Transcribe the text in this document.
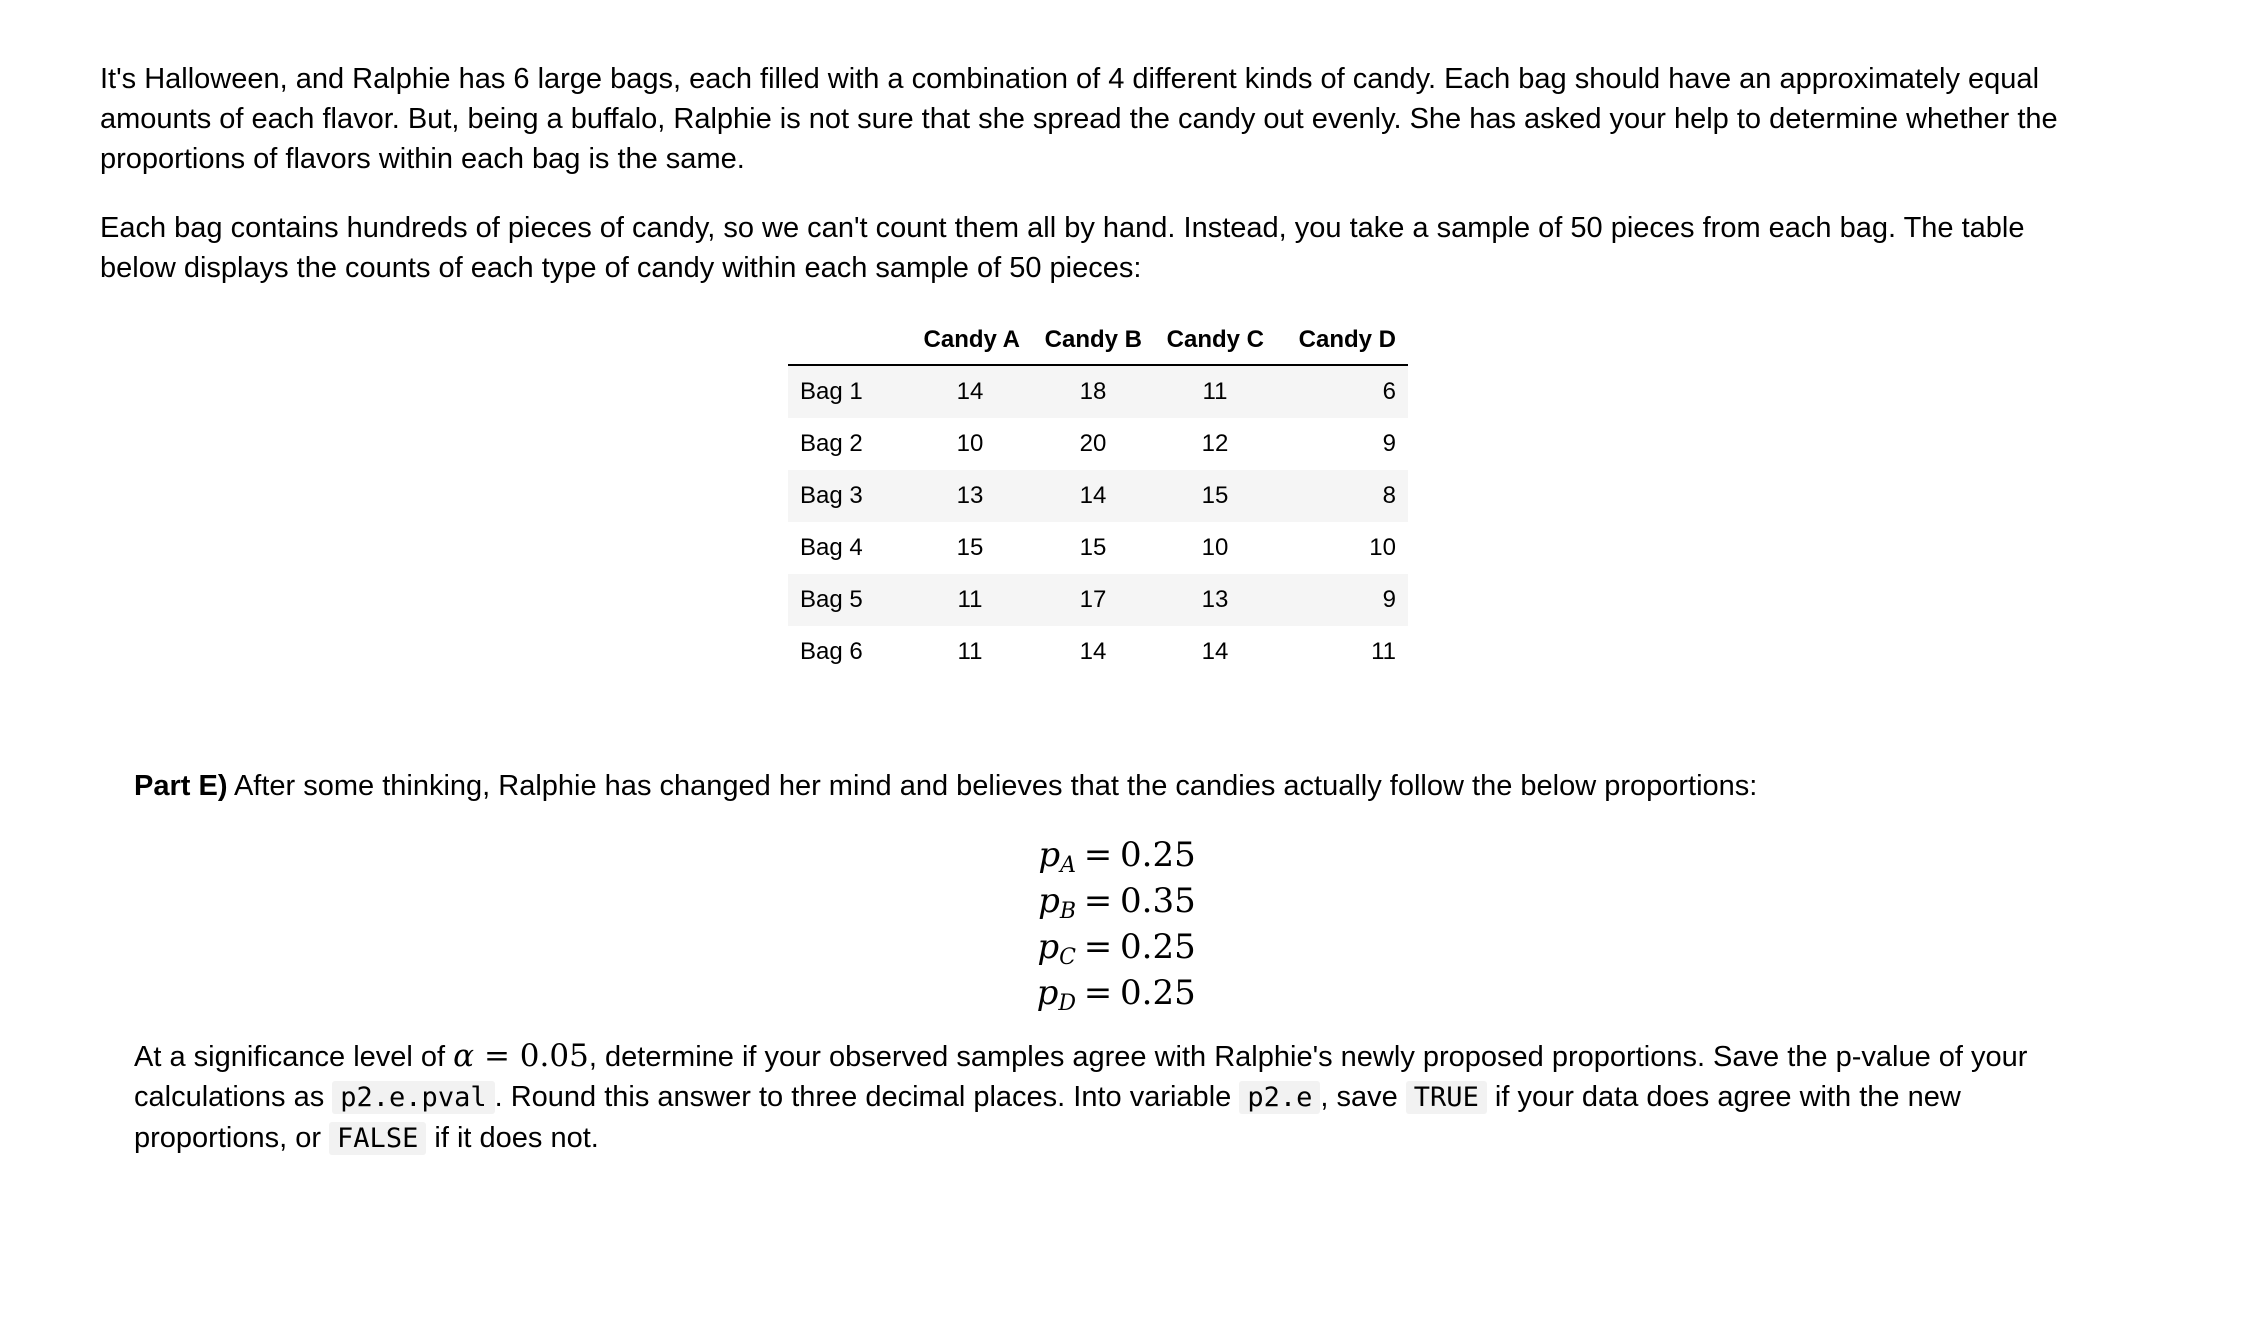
It's Halloween, and Ralphie has 6 large bags, each filled with a combination of 4 different kinds of candy. Each bag should have an approximately equal amounts of each flavor. But, being a buffalo, Ralphie is not sure that she spread the candy out evenly. She has asked your help to determine whether the proportions of flavors within each bag is the same.

Each bag contains hundreds of pieces of candy, so we can't count them all by hand. Instead, you take a sample of 50 pieces from each bag. The table below displays the counts of each type of candy within each sample of 50 pieces:

	Candy A	Candy B	Candy C	Candy D
Bag 1	14	18	11	6
Bag 2	10	20	12	9
Bag 3	13	14	15	8
Bag 4	15	15	10	10
Bag 5	11	17	13	9
Bag 6	11	14	14	11

Part E) After some thinking, Ralphie has changed her mind and believes that the candies actually follow the below proportions:

$p_A = 0.25$
$p_B = 0.35$
$p_C = 0.25$
$p_D = 0.25$

At a significance level of α = 0.05, determine if your observed samples agree with Ralphie's newly proposed proportions. Save the p-value of your calculations as p2.e.pval . Round this answer to three decimal places. Into variable p2.e , save TRUE if your data does agree with the new proportions, or FALSE if it does not.
